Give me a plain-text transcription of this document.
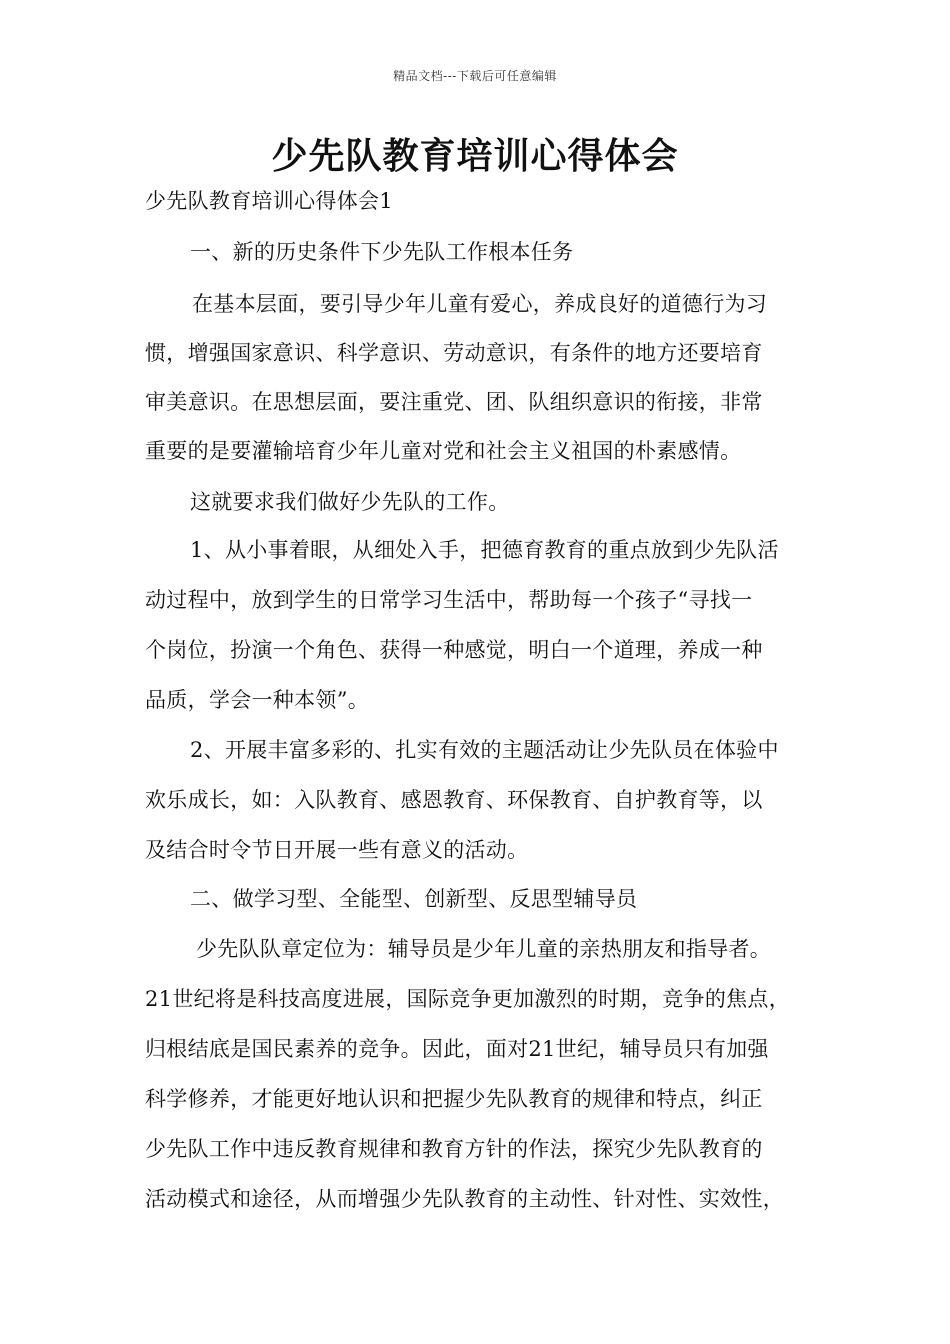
精品文档---下载后可任意编辑
少先队教育培训心得体会
少先队教育培训心得体会1
一、新的历史条件下少先队工作根本任务
在基本层面，要引导少年儿童有爱心，养成良好的道德行为习
惯，增强国家意识、科学意识、劳动意识，有条件的地方还要培育
审美意识。在思想层面，要注重党、团、队组织意识的衔接，非常
重要的是要灌输培育少年儿童对党和社会主义祖国的朴素感情。
这就要求我们做好少先队的工作。
1、从小事着眼，从细处入手，把德育教育的重点放到少先队活
动过程中，放到学生的日常学习生活中，帮助每一个孩子“寻找一
个岗位，扮演一个角色、获得一种感觉，明白一个道理，养成一种
品质，学会一种本领”。
2、开展丰富多彩的、扎实有效的主题活动让少先队员在体验中
欢乐成长，如：入队教育、感恩教育、环保教育、自护教育等，以
及结合时令节日开展一些有意义的活动。
二、做学习型、全能型、创新型、反思型辅导员
少先队队章定位为：辅导员是少年儿童的亲热朋友和指导者。
21世纪将是科技高度进展，国际竞争更加激烈的时期，竞争的焦点，
归根结底是国民素养的竞争。因此，面对21世纪，辅导员只有加强
科学修养，才能更好地认识和把握少先队教育的规律和特点，纠正
少先队工作中违反教育规律和教育方针的作法，探究少先队教育的
活动模式和途径，从而增强少先队教育的主动性、针对性、实效性，
